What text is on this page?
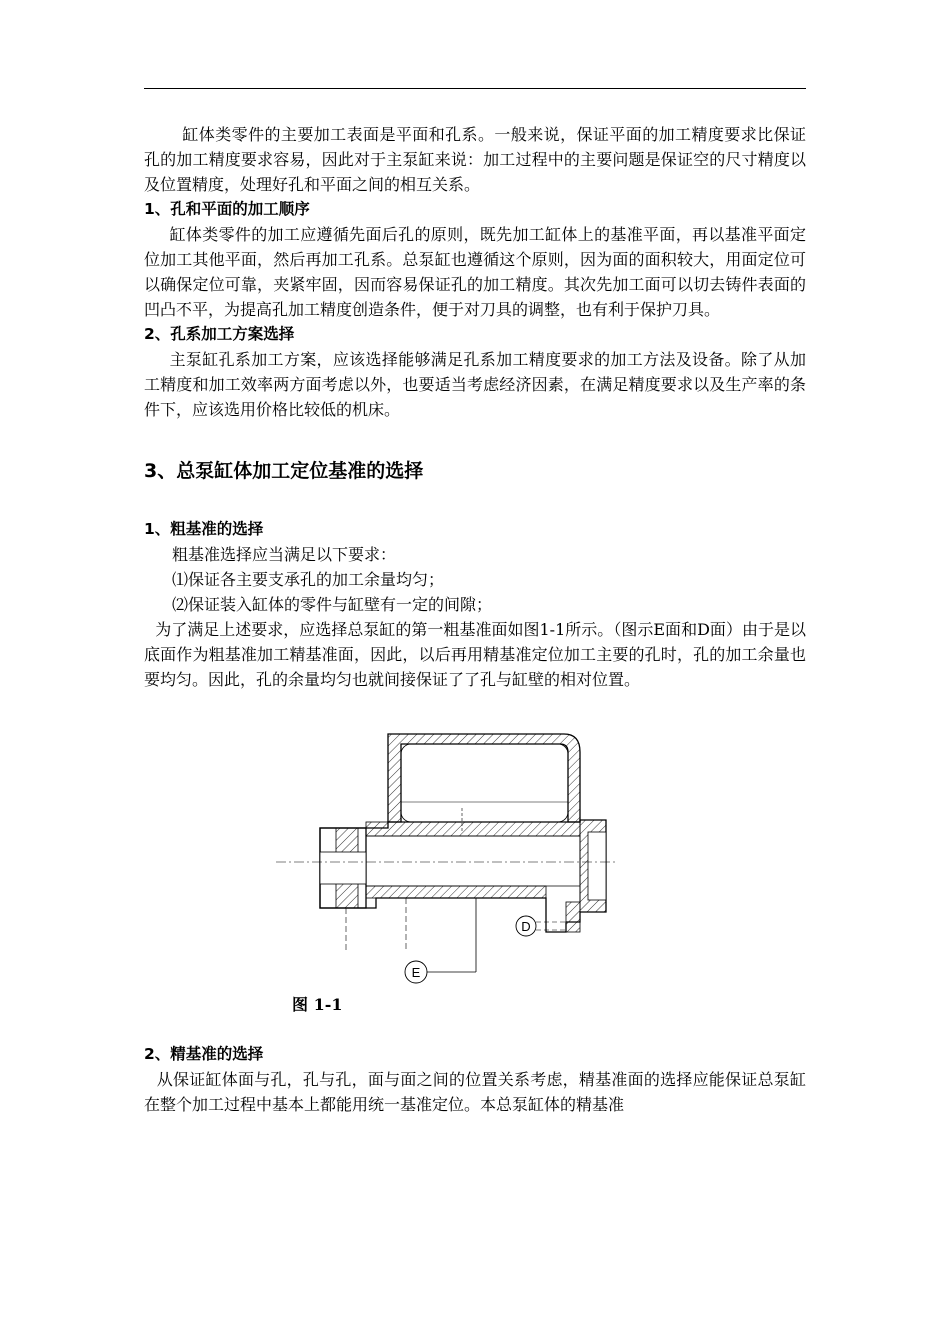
缸体类零件的主要加工表面是平面和孔系。一般来说，保证平面的加工精度要求比保证孔的加工精度要求容易，因此对于主泵缸来说：加工过程中的主要问题是保证空的尺寸精度以及位置精度，处理好孔和平面之间的相互关系。

1、孔和平面的加工顺序

缸体类零件的加工应遵循先面后孔的原则，既先加工缸体上的基准平面，再以基准平面定位加工其他平面，然后再加工孔系。总泵缸也遵循这个原则，因为面的面积较大，用面定位可以确保定位可靠，夹紧牢固，因而容易保证孔的加工精度。其次先加工面可以切去铸件表面的凹凸不平，为提高孔加工精度创造条件，便于对刀具的调整，也有利于保护刀具。

2、孔系加工方案选择

主泵缸孔系加工方案，应该选择能够满足孔系加工精度要求的加工方法及设备。除了从加工精度和加工效率两方面考虑以外，也要适当考虑经济因素，在满足精度要求以及生产率的条件下，应该选用价格比较低的机床。

3、总泵缸体加工定位基准的选择

1、粗基准的选择

粗基准选择应当满足以下要求：

⑴保证各主要支承孔的加工余量均匀；

⑵保证装入缸体的零件与缸壁有一定的间隙；

为了满足上述要求，应选择总泵缸的第一粗基准面如图1-1所示。（图示E面和D面）由于是以底面作为粗基准加工精基准面，因此，以后再用精基准定位加工主要的孔时，孔的加工余量也要均匀。因此，孔的余量均匀也就间接保证了了孔与缸壁的相对位置。

E
D

图 1-1

2、精基准的选择

从保证缸体面与孔，孔与孔，面与面之间的位置关系考虑，精基准面的选择应能保证总泵缸在整个加工过程中基本上都能用统一基准定位。本总泵缸体的精基准
